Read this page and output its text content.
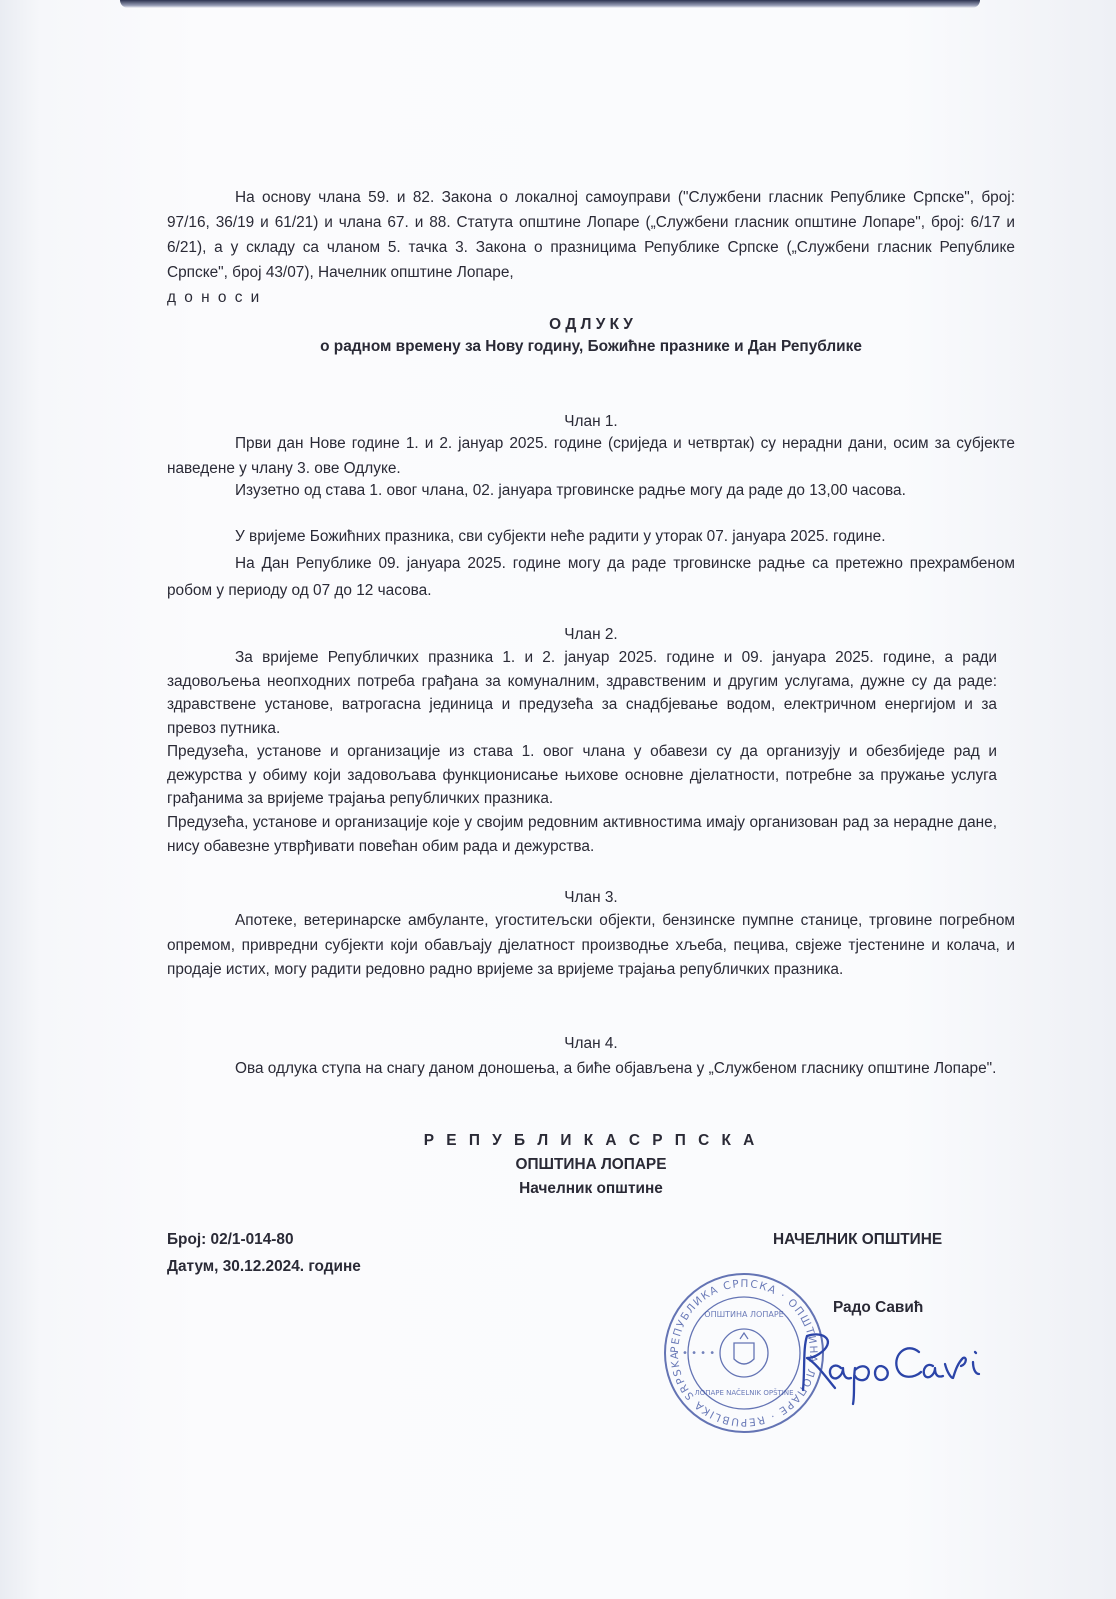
На основу члана 59. и 82. Закона о локалној самоуправи ("Службени гласник Републике Српске", број: 97/16, 36/19 и 61/21) и члана 67. и 88. Статута општине Лопаре („Службени гласник општине Лопаре", број: 6/17 и 6/21), а у складу са чланом 5. тачка 3. Закона о празницима Републике Српске („Службени гласник Републике Српске", број 43/07), Начелник општине Лопаре,

д о н о с и

О Д Л У К У

о радном времену за Нову годину, Божићне празнике и Дан Републике

Члан 1.

Први дан Нове године 1. и 2. јануар 2025. године (сриједа и четвртак) су нерадни дани, осим за субјекте наведене у члану 3. ове Одлуке.

Изузетно од става 1. овог члана, 02. јануара трговинске радње могу да раде до 13,00 часова.

У вријеме Божићних празника, сви субјекти неће радити у уторак 07. јануара 2025. године.

На Дан Републике 09. јануара 2025. године могу да раде трговинске радње са претежно прехрамбеном робом у периоду од 07 до 12 часова.

Члан 2.

За вријеме Републичких празника 1. и 2. јануар 2025. године и 09. јануара 2025. године, а ради задовољења неопходних потреба грађана за комуналним, здравственим и другим услугама, дужне су да раде: здравствене установе, ватрогасна јединица и предузећа за снадбјевање водом, електричном енергијом и за превоз путника.

Предузећа, установе и организације из става 1. овог члана у обавези су да организују и обезбиједе рад и дежурства у обиму који задовољава функционисање њихове основне дјелатности, потребне за пружање услуга грађанима за вријеме трајања републичких празника.

Предузећа, установе и организације које у својим редовним активностима имају организован рад за нерадне дане, нису обавезне утврђивати повећан обим рада и дежурства.

Члан 3.

Апотеке, ветеринарске амбуланте, угоститељски објекти, бензинске пумпне станице, трговине погребном опремом, привредни субјекти који обављају дјелатност производње хљеба, пецива, свјеже тјестенине и колача, и продаје истих, могу радити редовно радно вријеме за вријеме трајања републичких празника.

Члан 4.

Ова одлука ступа на снагу даном доношења, а биће објављена у „Службеном гласнику општине Лопаре".

Р Е П У Б Л И К А С Р П С К А

ОПШТИНА ЛОПАРЕ

Начелник општине

Број: 02/1-014-80

Датум, 30.12.2024. године

НАЧЕЛНИК ОПШТИНЕ

Радо Савић

РЕПУБЛИКА СРПСКА · ОПШТИНА ЛОПАРЕ · REPUBLIKA SRPSKA
ОПШТИНА ЛОПАРЕ
ЛОПАРЕ NAČELNIK OPŠTINE
• • • •
